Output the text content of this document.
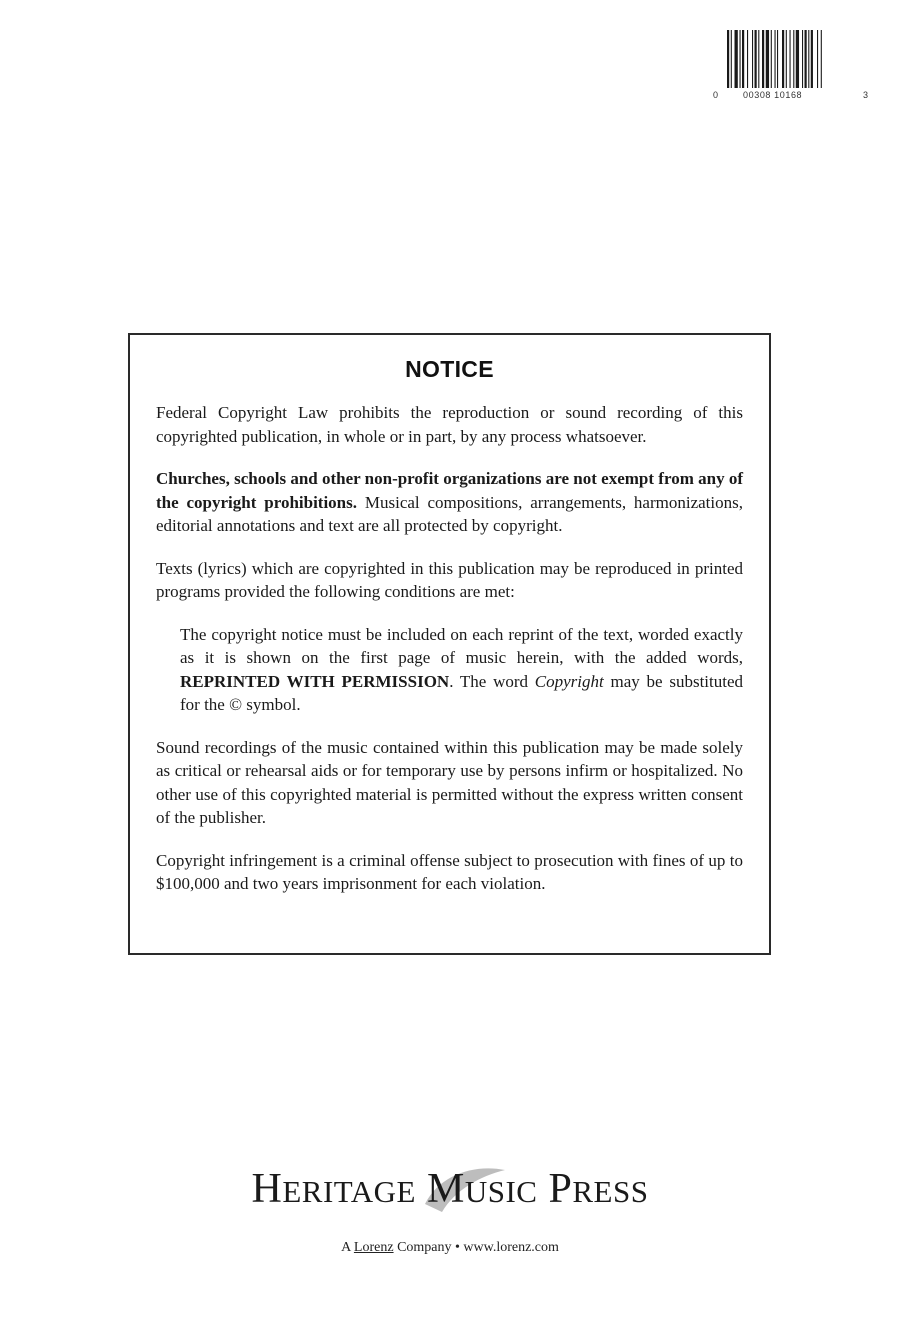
0	00308 10168	3
NOTICE

Federal Copyright Law prohibits the reproduction or sound recording of this copyrighted publication, in whole or in part, by any process whatsoever.

Churches, schools and other non-profit organizations are not exempt from any of the copyright prohibitions. Musical compositions, arrangements, harmonizations, editorial annotations and text are all protected by copyright.

Texts (lyrics) which are copyrighted in this publication may be reproduced in printed programs provided the following conditions are met:

The copyright notice must be included on each reprint of the text, worded exactly as it is shown on the first page of music herein, with the added words, REPRINTED WITH PERMISSION. The word Copyright may be substituted for the © symbol.

Sound recordings of the music contained within this publication may be made solely as critical or rehearsal aids or for temporary use by persons infirm or hospitalized. No other use of this copyrighted material is permitted without the express written consent of the publisher.

Copyright infringement is a criminal offense subject to prosecution with fines of up to $100,000 and two years imprisonment for each violation.

HERITAGE MUSIC PRESS
A Lorenz Company • www.lorenz.com
